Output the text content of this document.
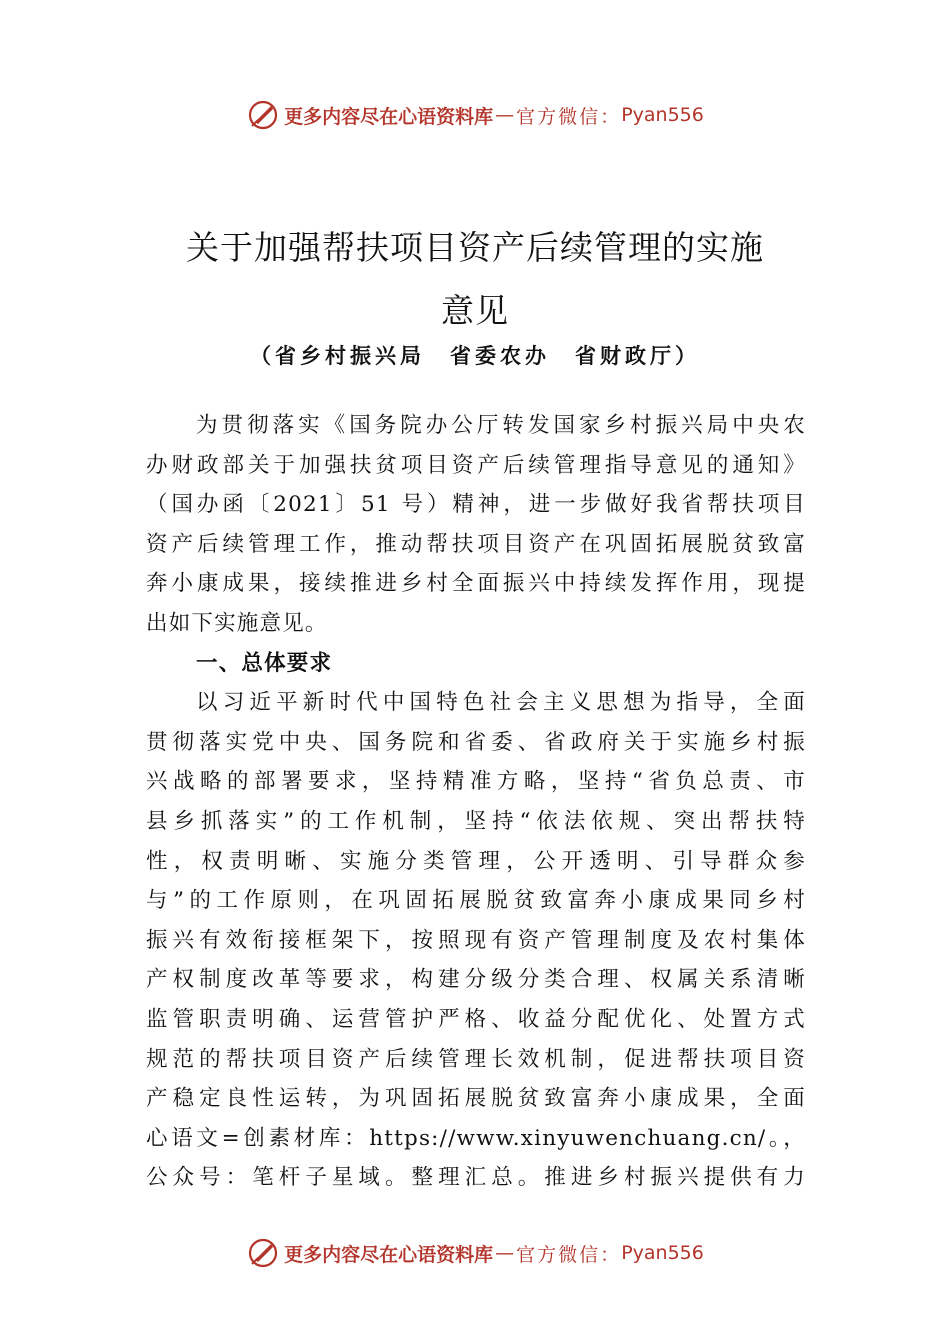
更多内容尽在心语资料库 — 官方微信： Pyan556
关于加强帮扶项目资产后续管理的实施
意见
（省乡村振兴局　省委农办　省财政厅）
为贯彻落实《国务院办公厅转发国家乡村振兴局中央农
办财政部关于加强扶贫项目资产后续管理指导意见的通知》
（国办函〔2021〕51 号）精神，进一步做好我省帮扶项目
资产后续管理工作，推动帮扶项目资产在巩固拓展脱贫致富
奔小康成果，接续推进乡村全面振兴中持续发挥作用，现提
出如下实施意见。
一、总体要求
以习近平新时代中国特色社会主义思想为指导，全面
贯彻落实党中央、国务院和省委、省政府关于实施乡村振
兴战略的部署要求，坚持精准方略，坚持“省负总责、市
县乡抓落实”的工作机制，坚持“依法依规、突出帮扶特
性，权责明晰、实施分类管理，公开透明、引导群众参
与”的工作原则，在巩固拓展脱贫致富奔小康成果同乡村
振兴有效衔接框架下，按照现有资产管理制度及农村集体
产权制度改革等要求，构建分级分类合理、权属关系清晰
监管职责明确、运营管护严格、收益分配优化、处置方式
规范的帮扶项目资产后续管理长效机制，促进帮扶项目资
产稳定良性运转，为巩固拓展脱贫致富奔小康成果，全面
心语文=创素材库：https://www.xinyuwenchuang.cn/。，
公众号：笔杆子星域。整理汇总。推进乡村振兴提供有力
更多内容尽在心语资料库 — 官方微信： Pyan556
